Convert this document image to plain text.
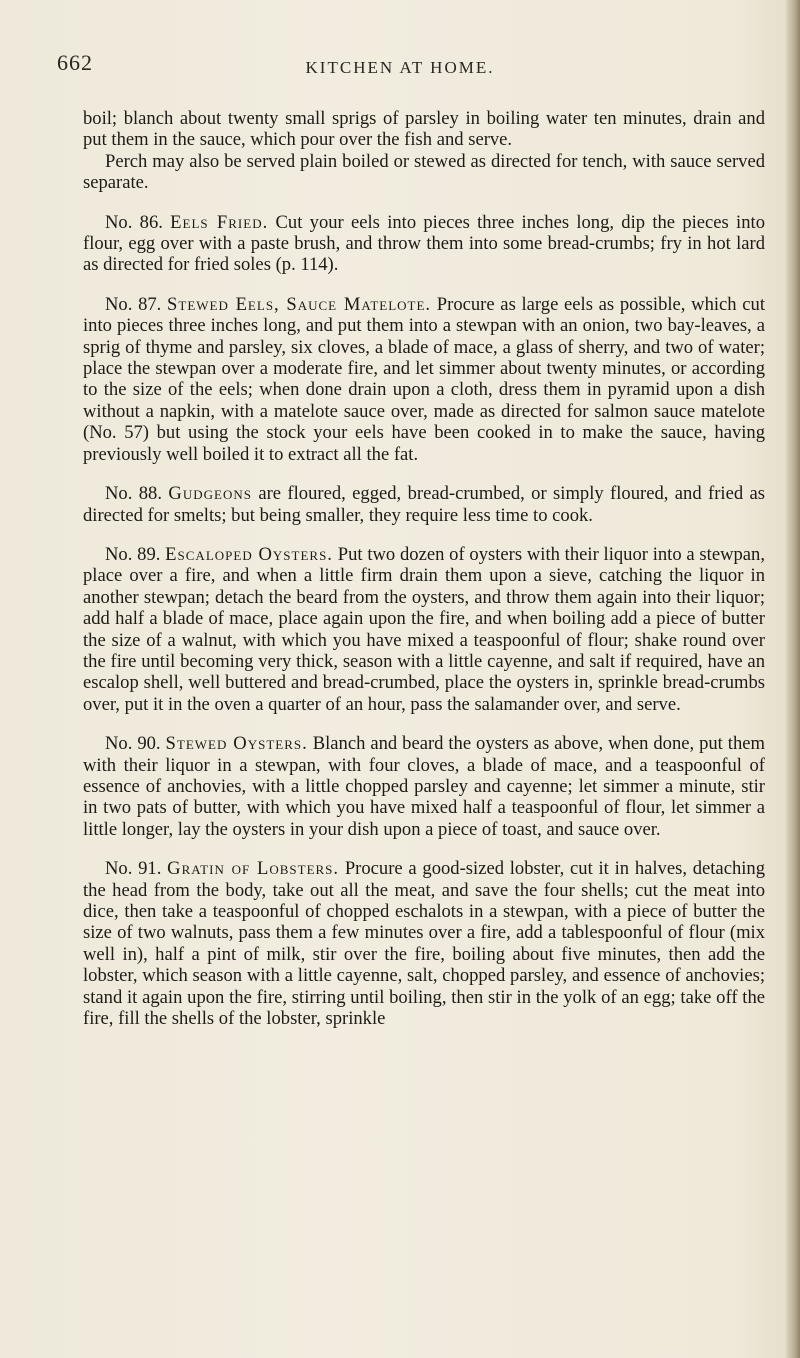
662	KITCHEN AT HOME.

boil; blanch about twenty small sprigs of parsley in boiling water ten minutes, drain and put them in the sauce, which pour over the fish and serve.

Perch may also be served plain boiled or stewed as directed for tench, with sauce served separate.

No. 86. Eels Fried. Cut your eels into pieces three inches long, dip the pieces into flour, egg over with a paste brush, and throw them into some bread-crumbs; fry in hot lard as directed for fried soles (p. 114).

No. 87. Stewed Eels, Sauce Matelote. Procure as large eels as possible, which cut into pieces three inches long, and put them into a stewpan with an onion, two bay-leaves, a sprig of thyme and parsley, six cloves, a blade of mace, a glass of sherry, and two of water; place the stewpan over a moderate fire, and let simmer about twenty minutes, or according to the size of the eels; when done drain upon a cloth, dress them in pyramid upon a dish without a napkin, with a matelote sauce over, made as directed for salmon sauce matelote (No. 57) but using the stock your eels have been cooked in to make the sauce, having previously well boiled it to extract all the fat.

No. 88. Gudgeons are floured, egged, bread-crumbed, or simply floured, and fried as directed for smelts; but being smaller, they require less time to cook.

No. 89. Escaloped Oysters. Put two dozen of oysters with their liquor into a stewpan, place over a fire, and when a little firm drain them upon a sieve, catching the liquor in another stewpan; detach the beard from the oysters, and throw them again into their liquor; add half a blade of mace, place again upon the fire, and when boiling add a piece of butter the size of a walnut, with which you have mixed a teaspoonful of flour; shake round over the fire until becoming very thick, season with a little cayenne, and salt if required, have an escalop shell, well buttered and bread-crumbed, place the oysters in, sprinkle bread-crumbs over, put it in the oven a quarter of an hour, pass the salamander over, and serve.

No. 90. Stewed Oysters. Blanch and beard the oysters as above, when done, put them with their liquor in a stewpan, with four cloves, a blade of mace, and a teaspoonful of essence of anchovies, with a little chopped parsley and cayenne; let simmer a minute, stir in two pats of butter, with which you have mixed half a teaspoonful of flour, let simmer a little longer, lay the oysters in your dish upon a piece of toast, and sauce over.

No. 91. Gratin of Lobsters. Procure a good-sized lobster, cut it in halves, detaching the head from the body, take out all the meat, and save the four shells; cut the meat into dice, then take a teaspoonful of chopped eschalots in a stewpan, with a piece of butter the size of two walnuts, pass them a few minutes over a fire, add a tablespoonful of flour (mix well in), half a pint of milk, stir over the fire, boiling about five minutes, then add the lobster, which season with a little cayenne, salt, chopped parsley, and essence of anchovies; stand it again upon the fire, stirring until boiling, then stir in the yolk of an egg; take off the fire, fill the shells of the lobster, sprinkle
